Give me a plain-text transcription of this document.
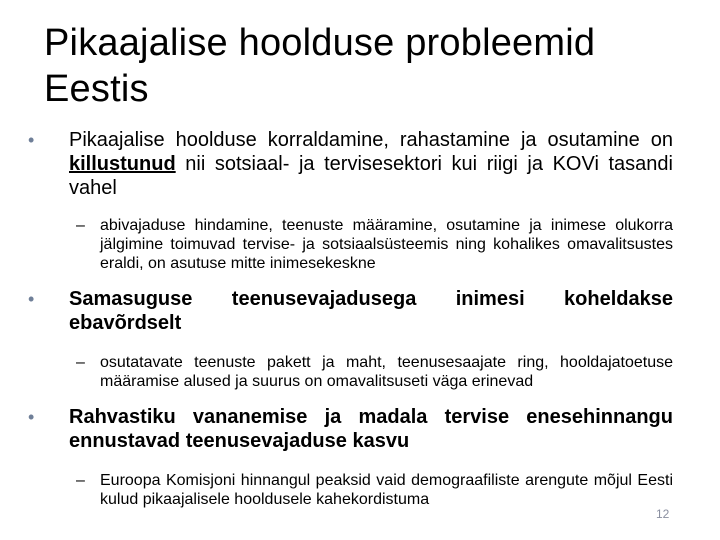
Pikaajalise hoolduse probleemid Eestis
•	Pikaajalise hoolduse korraldamine, rahastamine ja osutamine on killustunud nii sotsiaal- ja tervisesektori kui riigi ja KOVi tasandi vahel
– abivajaduse hindamine, teenuste määramine, osutamine ja inimese olukorra jälgimine toimuvad tervise- ja sotsiaalsüsteemis ning kohalikes omavalitsustes eraldi, on asutuse mitte inimesekeskne
•	Samasuguse teenusevajadusega inimesi koheldakse ebavõrdselt
– osutatavate teenuste pakett ja maht, teenusesaajate ring, hooldajatoetuse määramise alused ja suurus on omavalitsuseti väga erinevad
•	Rahvastiku vananemise ja madala tervise enesehinnangu ennustavad teenusevajaduse kasvu
– Euroopa Komisjoni hinnangul peaksid vaid demograafiliste arengute mõjul Eesti kulud pikaajalisele hooldusele kahekordistuma
12
